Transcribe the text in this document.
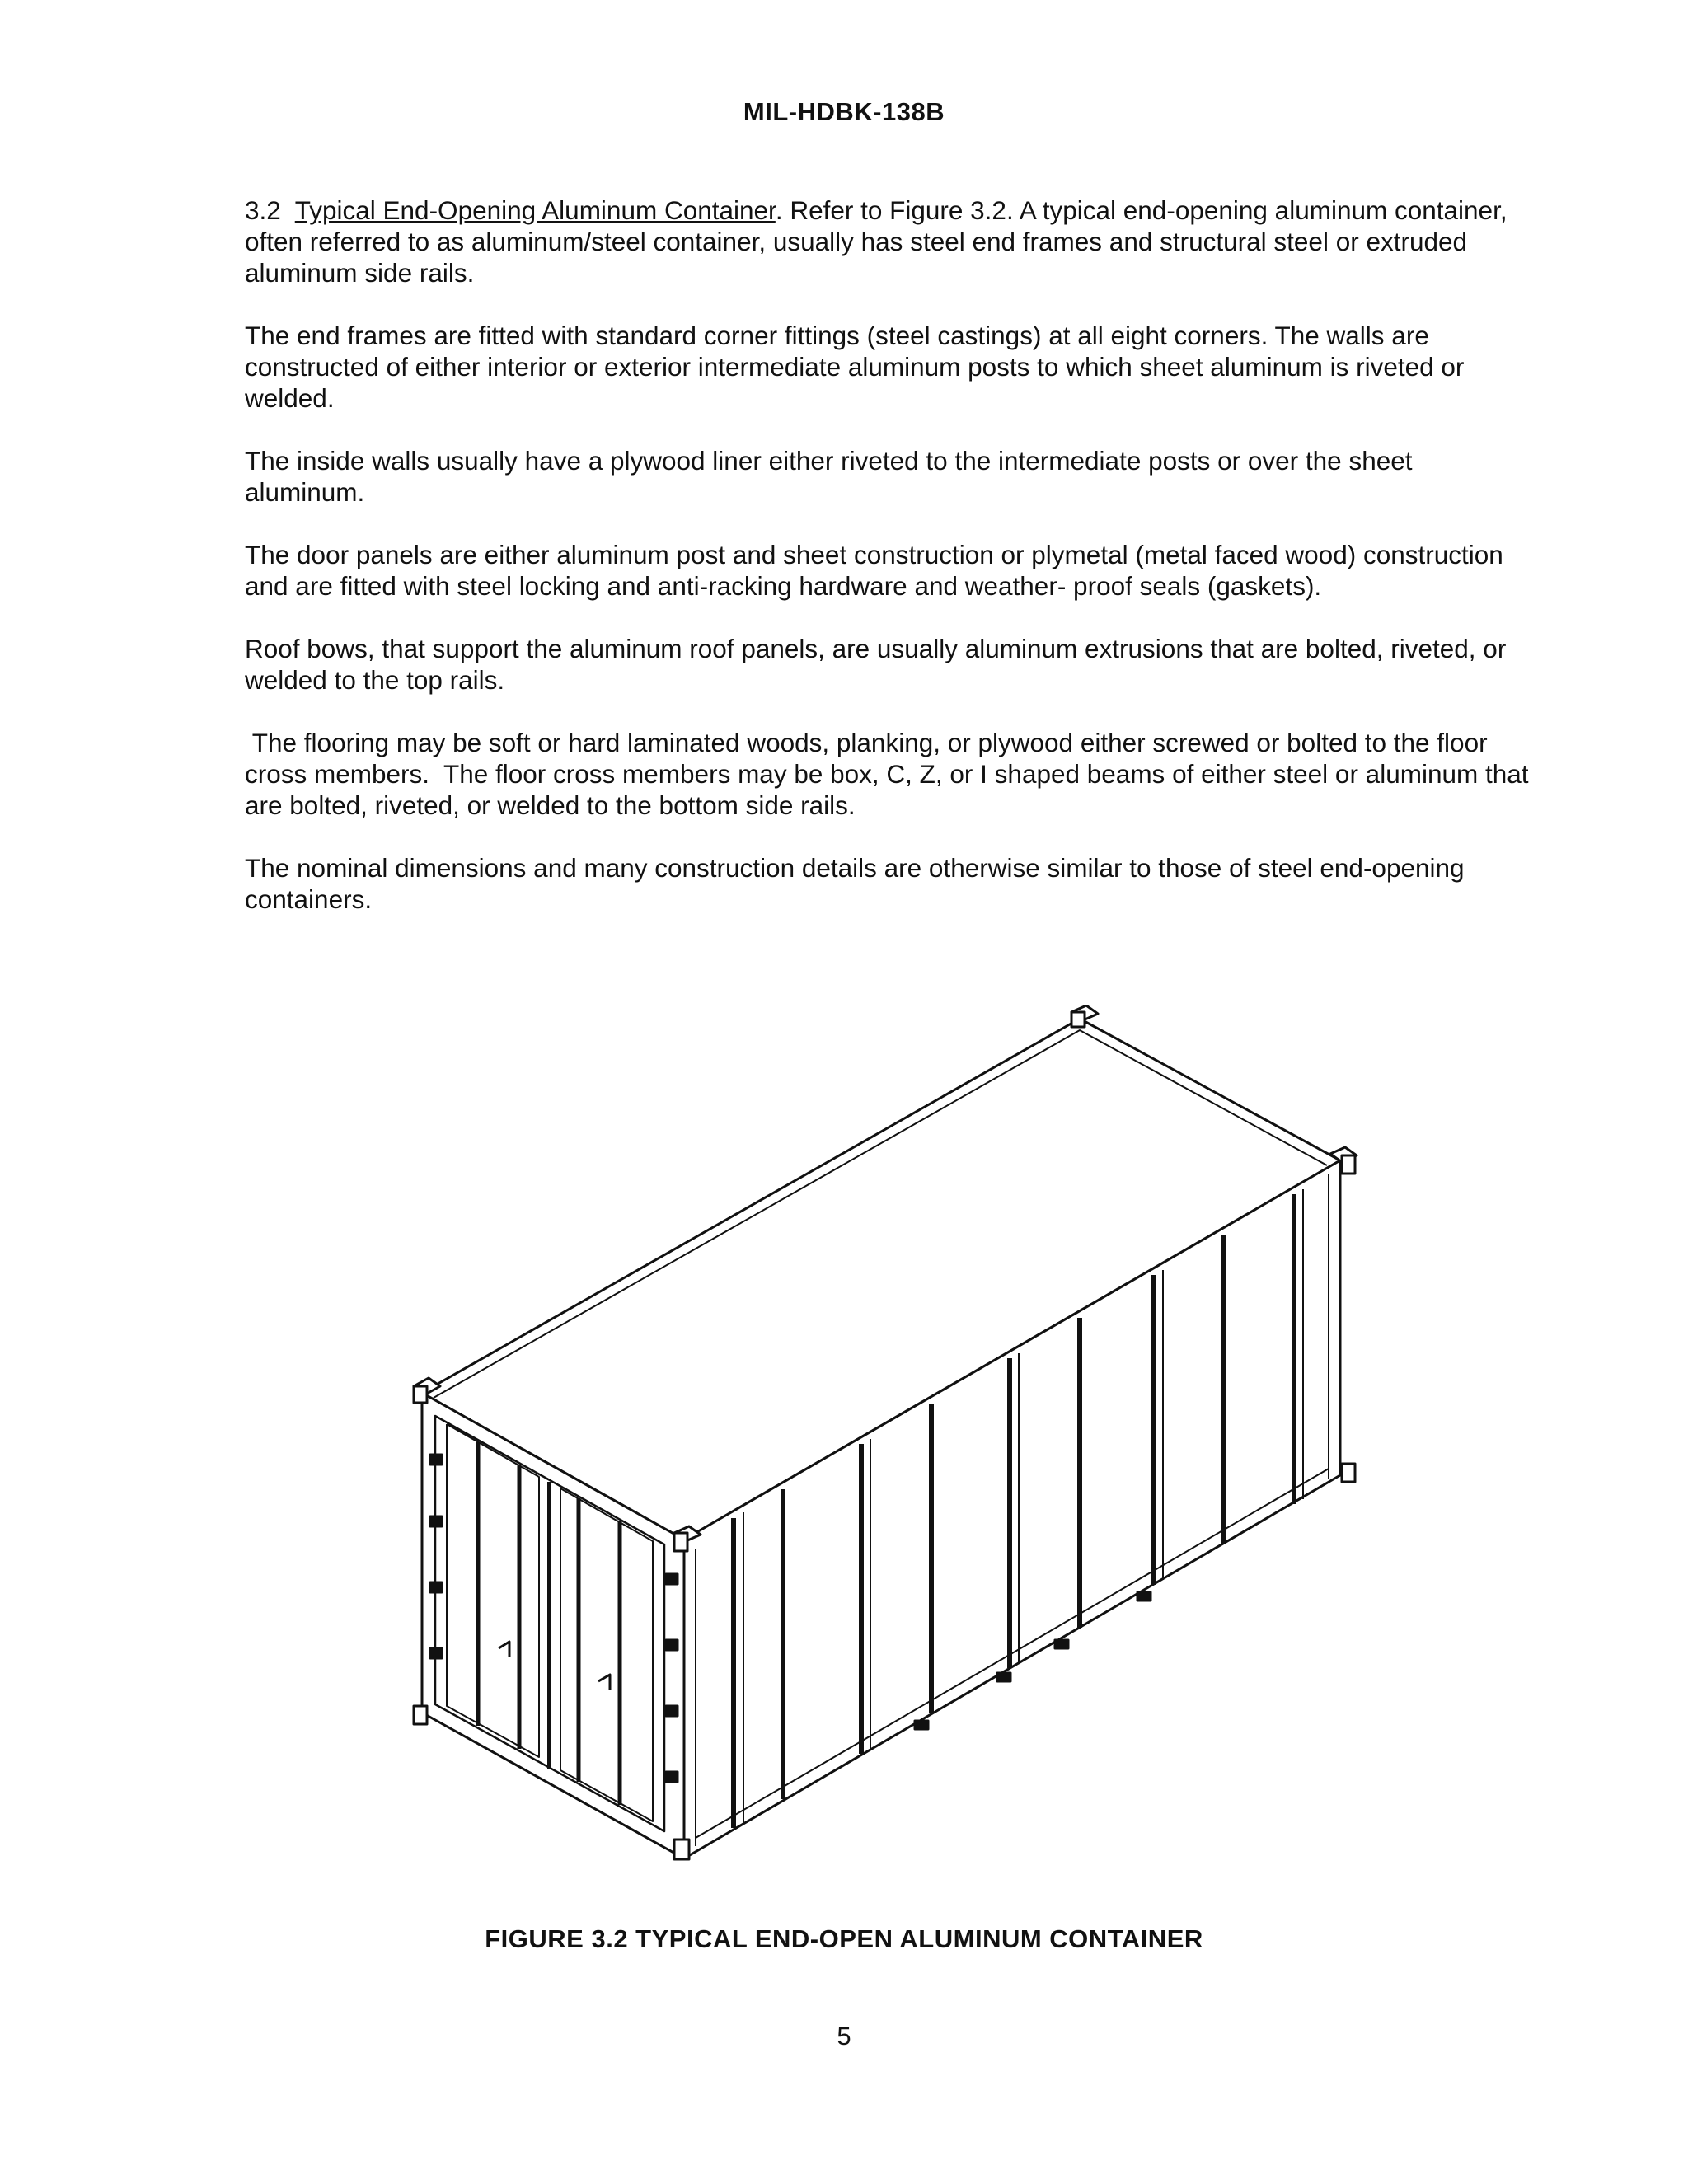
MIL-HDBK-138B

3.2 Typical End-Opening Aluminum Container. Refer to Figure 3.2. A typical end-opening aluminum container, often referred to as aluminum/steel container, usually has steel end frames and structural steel or extruded aluminum side rails.

The end frames are fitted with standard corner fittings (steel castings) at all eight corners. The walls are constructed of either interior or exterior intermediate aluminum posts to which sheet aluminum is riveted or welded.

The inside walls usually have a plywood liner either riveted to the intermediate posts or over the sheet aluminum.

The door panels are either aluminum post and sheet construction or plymetal (metal faced wood) construction and are fitted with steel locking and anti-racking hardware and weather- proof seals (gaskets).

Roof bows, that support the aluminum roof panels, are usually aluminum extrusions that are bolted, riveted, or welded to the top rails.

The flooring may be soft or hard laminated woods, planking, or plywood either screwed or bolted to the floor cross members.  The floor cross members may be box, C, Z, or I shaped beams of either steel or aluminum that are bolted, riveted, or welded to the bottom side rails.

The nominal dimensions and many construction details are otherwise similar to those of steel end-opening containers.

FIGURE 3.2 TYPICAL END-OPEN ALUMINUM CONTAINER
5
